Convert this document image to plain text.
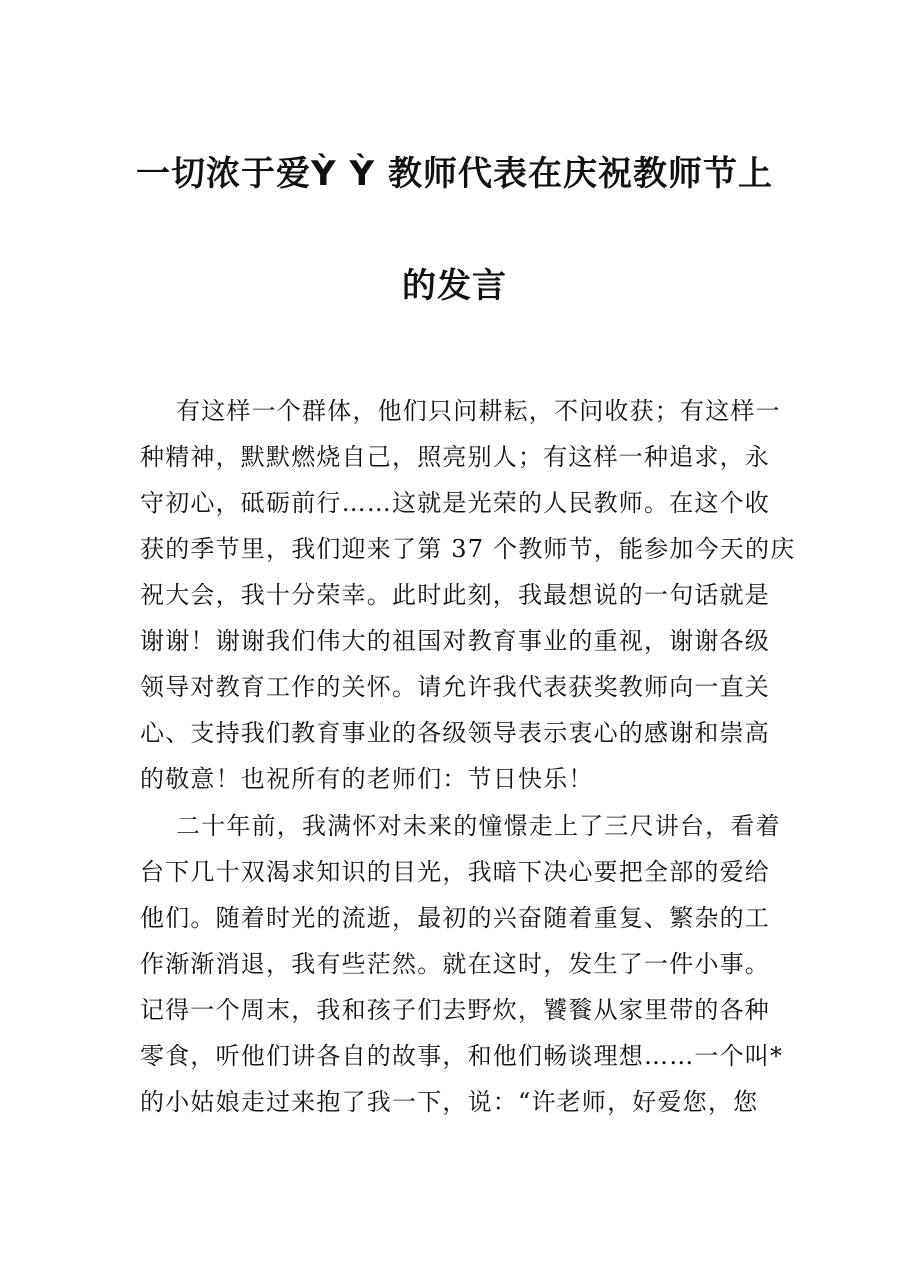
一切浓于爱Ỳ Ỳ 教师代表在庆祝教师节上
的发言
有这样一个群体，他们只问耕耘，不问收获；有这样一
种精神，默默燃烧自己，照亮别人；有这样一种追求，永
守初心，砥砺前行……这就是光荣的人民教师。在这个收
获的季节里，我们迎来了第 37 个教师节，能参加今天的庆
祝大会，我十分荣幸。此时此刻，我最想说的一句话就是
谢谢！谢谢我们伟大的祖国对教育事业的重视，谢谢各级
领导对教育工作的关怀。请允许我代表获奖教师向一直关
心、支持我们教育事业的各级领导表示衷心的感谢和崇高
的敬意！也祝所有的老师们：节日快乐！
二十年前，我满怀对未来的憧憬走上了三尺讲台，看着
台下几十双渴求知识的目光，我暗下决心要把全部的爱给
他们。随着时光的流逝，最初的兴奋随着重复、繁杂的工
作渐渐消退，我有些茫然。就在这时，发生了一件小事。
记得一个周末，我和孩子们去野炊，饕餮从家里带的各种
零食，听他们讲各自的故事，和他们畅谈理想……一个叫*
的小姑娘走过来抱了我一下，说：“许老师，好爱您，您
